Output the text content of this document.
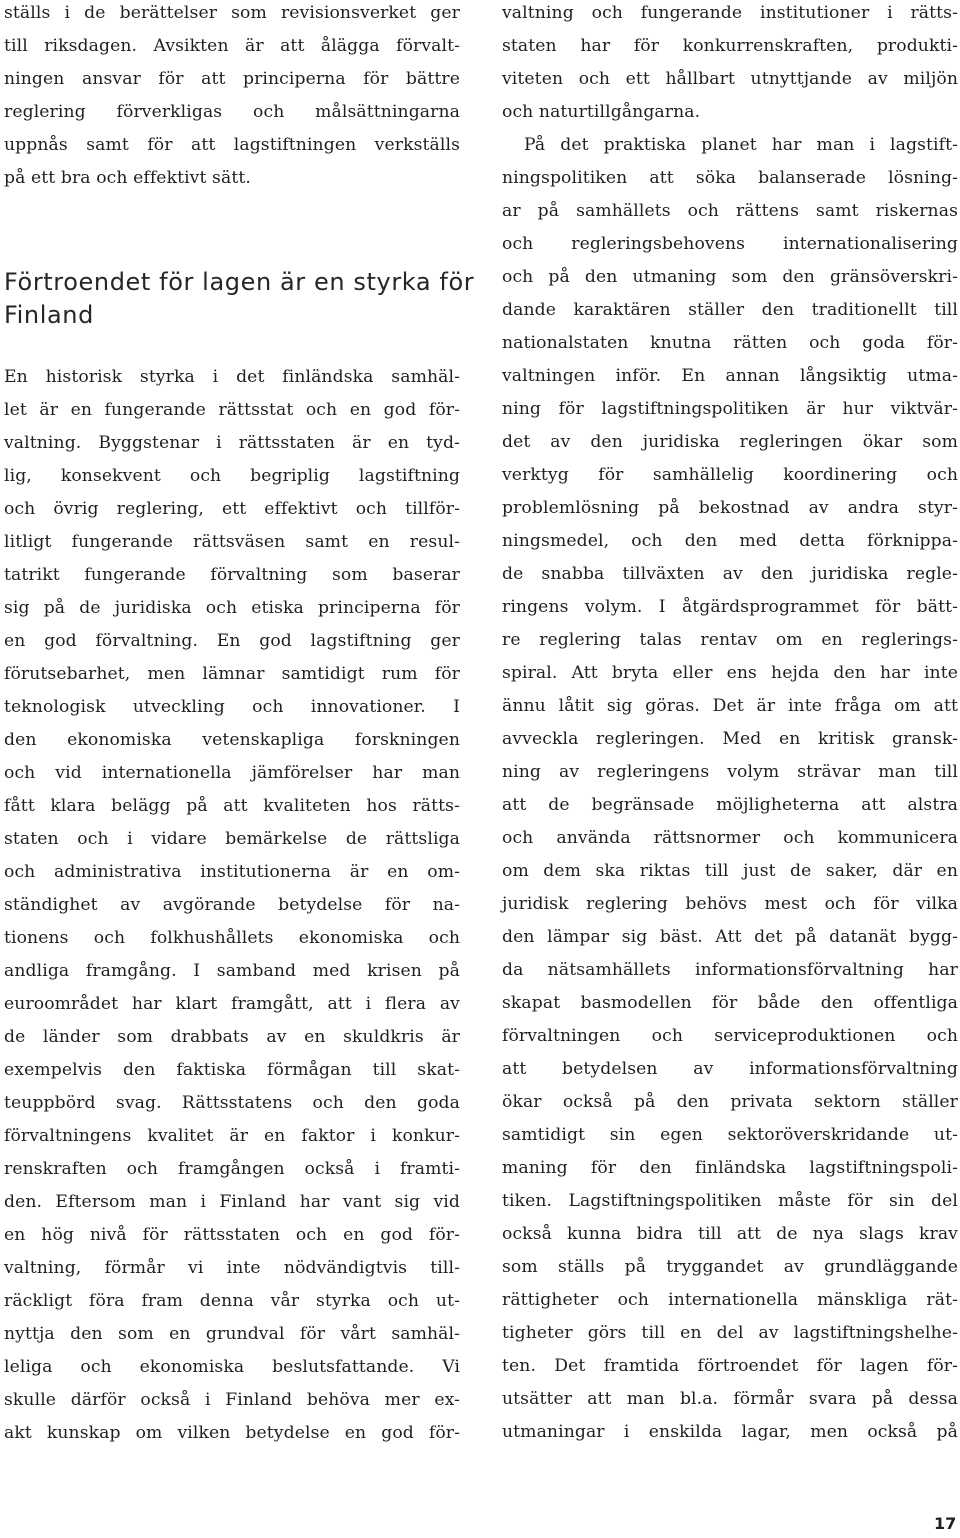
ställs i de berättelser som revisionsverket ger
till riksdagen. Avsikten är att ålägga förvalt-
ningen ansvar för att principerna för bättre
reglering förverkligas och målsättningarna
uppnås samt för att lagstiftningen verkställs
på ett bra och effektivt sätt.
Förtroendet för lagen är en styrka för
Finland
En historisk styrka i det finländska samhäl-
let är en fungerande rättsstat och en god för-
valtning. Byggstenar i rättsstaten är en tyd-
lig, konsekvent och begriplig lagstiftning
och övrig reglering, ett effektivt och tillför-
litligt fungerande rättsväsen samt en resul-
tatrikt fungerande förvaltning som baserar
sig på de juridiska och etiska principerna för
en god förvaltning. En god lagstiftning ger
förutsebarhet, men lämnar samtidigt rum för
teknologisk utveckling och innovationer. I
den ekonomiska vetenskapliga forskningen
och vid internationella jämförelser har man
fått klara belägg på att kvaliteten hos rätts-
staten och i vidare bemärkelse de rättsliga
och administrativa institutionerna är en om-
ständighet av avgörande betydelse för na-
tionens och folkhushållets ekonomiska och
andliga framgång. I samband med krisen på
euroområdet har klart framgått, att i flera av
de länder som drabbats av en skuldkris är
exempelvis den faktiska förmågan till skat-
teuppbörd svag. Rättsstatens och den goda
förvaltningens kvalitet är en faktor i konkur-
renskraften och framgången också i framti-
den. Eftersom man i Finland har vant sig vid
en hög nivå för rättsstaten och en god för-
valtning, förmår vi inte nödvändigtvis till-
räckligt föra fram denna vår styrka och ut-
nyttja den som en grundval för vårt samhäl-
leliga och ekonomiska beslutsfattande. Vi
skulle därför också i Finland behöva mer ex-
akt kunskap om vilken betydelse en god för-
valtning och fungerande institutioner i rätts-
staten har för konkurrenskraften, produkti-
viteten och ett hållbart utnyttjande av miljön
och naturtillgångarna.
På det praktiska planet har man i lagstift-
ningspolitiken att söka balanserade lösning-
ar på samhällets och rättens samt riskernas
och regleringsbehovens internationalisering
och på den utmaning som den gränsöverskri-
dande karaktären ställer den traditionellt till
nationalstaten knutna rätten och goda för-
valtningen inför. En annan långsiktig utma-
ning för lagstiftningspolitiken är hur viktvär-
det av den juridiska regleringen ökar som
verktyg för samhällelig koordinering och
problemlösning på bekostnad av andra styr-
ningsmedel, och den med detta förknippa-
de snabba tillväxten av den juridiska regle-
ringens volym. I åtgärdsprogrammet för bätt-
re reglering talas rentav om en reglerings-
spiral. Att bryta eller ens hejda den har inte
ännu låtit sig göras. Det är inte fråga om att
avveckla regleringen. Med en kritisk gransk-
ning av regleringens volym strävar man till
att de begränsade möjligheterna att alstra
och använda rättsnormer och kommunicera
om dem ska riktas till just de saker, där en
juridisk reglering behövs mest och för vilka
den lämpar sig bäst. Att det på datanät bygg-
da nätsamhällets informationsförvaltning har
skapat basmodellen för både den offentliga
förvaltningen och serviceproduktionen och
att betydelsen av informationsförvaltning
ökar också på den privata sektorn ställer
samtidigt sin egen sektoröverskridande ut-
maning för den finländska lagstiftningspoli-
tiken. Lagstiftningspolitiken måste för sin del
också kunna bidra till att de nya slags krav
som ställs på tryggandet av grundläggande
rättigheter och internationella mänskliga rät-
tigheter görs till en del av lagstiftningshelhe-
ten. Det framtida förtroendet för lagen för-
utsätter att man bl.a. förmår svara på dessa
utmaningar i enskilda lagar, men också på
17
